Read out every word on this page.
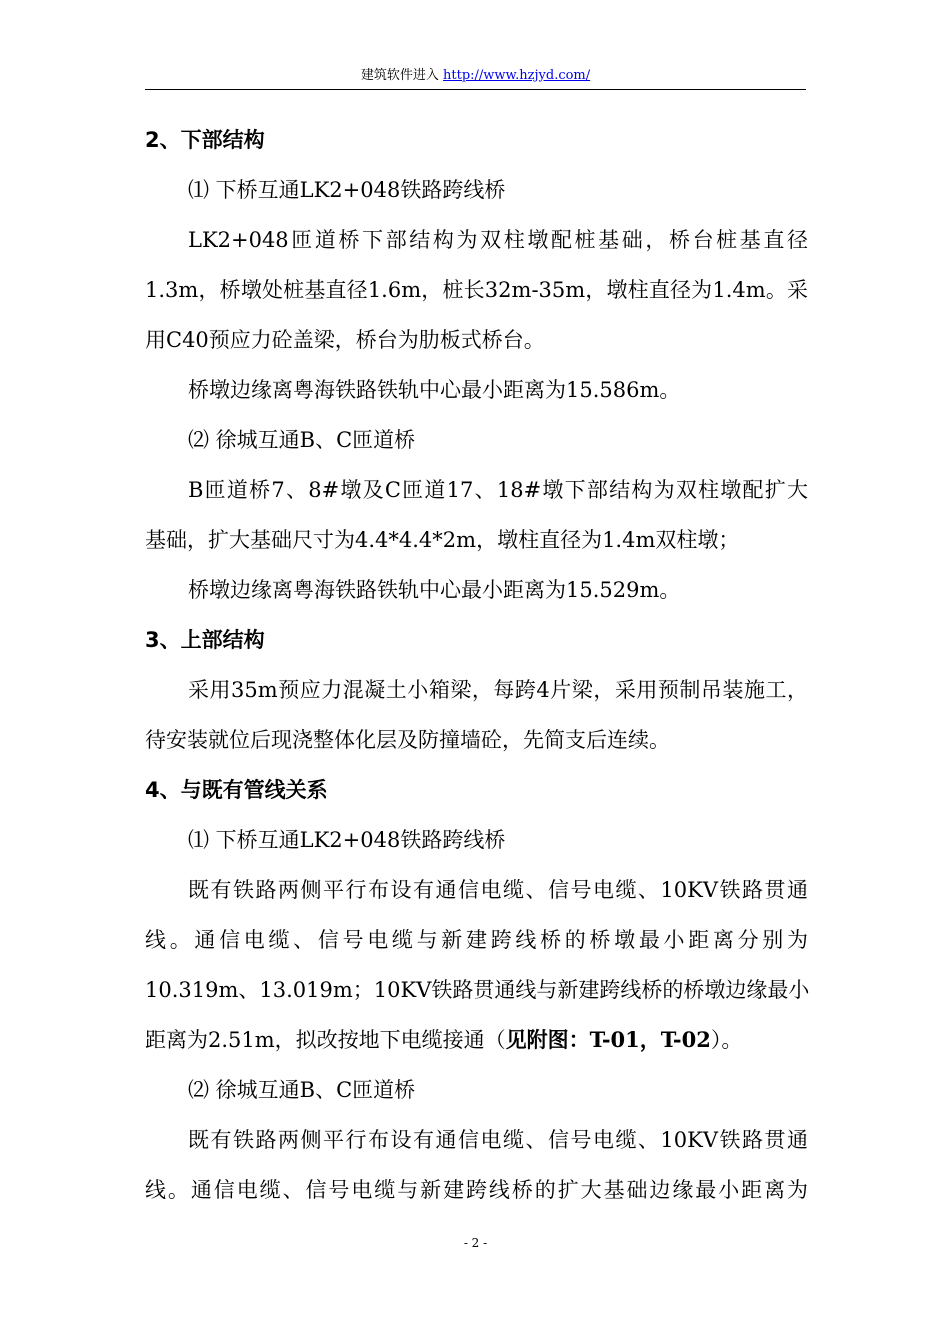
建筑软件进入 http://www.hzjyd.com/
2、下部结构
⑴ 下桥互通LK2+048铁路跨线桥
LK2+048匝道桥下部结构为双柱墩配桩基础，桥台桩基直径
1.3m，桥墩处桩基直径1.6m，桩长32m-35m，墩柱直径为1.4m。采
用C40预应力砼盖梁，桥台为肋板式桥台。
桥墩边缘离粤海铁路铁轨中心最小距离为15.586m。
⑵ 徐城互通B、C匝道桥
B匝道桥7、8#墩及C匝道17、18#墩下部结构为双柱墩配扩大
基础，扩大基础尺寸为4.4*4.4*2m，墩柱直径为1.4m双柱墩；
桥墩边缘离粤海铁路铁轨中心最小距离为15.529m。
3、上部结构
采用35m预应力混凝土小箱梁，每跨4片梁，采用预制吊装施工，
待安装就位后现浇整体化层及防撞墙砼，先简支后连续。
4、与既有管线关系
⑴ 下桥互通LK2+048铁路跨线桥
既有铁路两侧平行布设有通信电缆、信号电缆、10KV铁路贯通
线。通信电缆、信号电缆与新建跨线桥的桥墩最小距离分别为
10.319m、13.019m；10KV铁路贯通线与新建跨线桥的桥墩边缘最小
距离为2.51m，拟改按地下电缆接通（见附图：T-01，T-02）。
⑵ 徐城互通B、C匝道桥
既有铁路两侧平行布设有通信电缆、信号电缆、10KV铁路贯通
线。通信电缆、信号电缆与新建跨线桥的扩大基础边缘最小距离为
- 2 -
